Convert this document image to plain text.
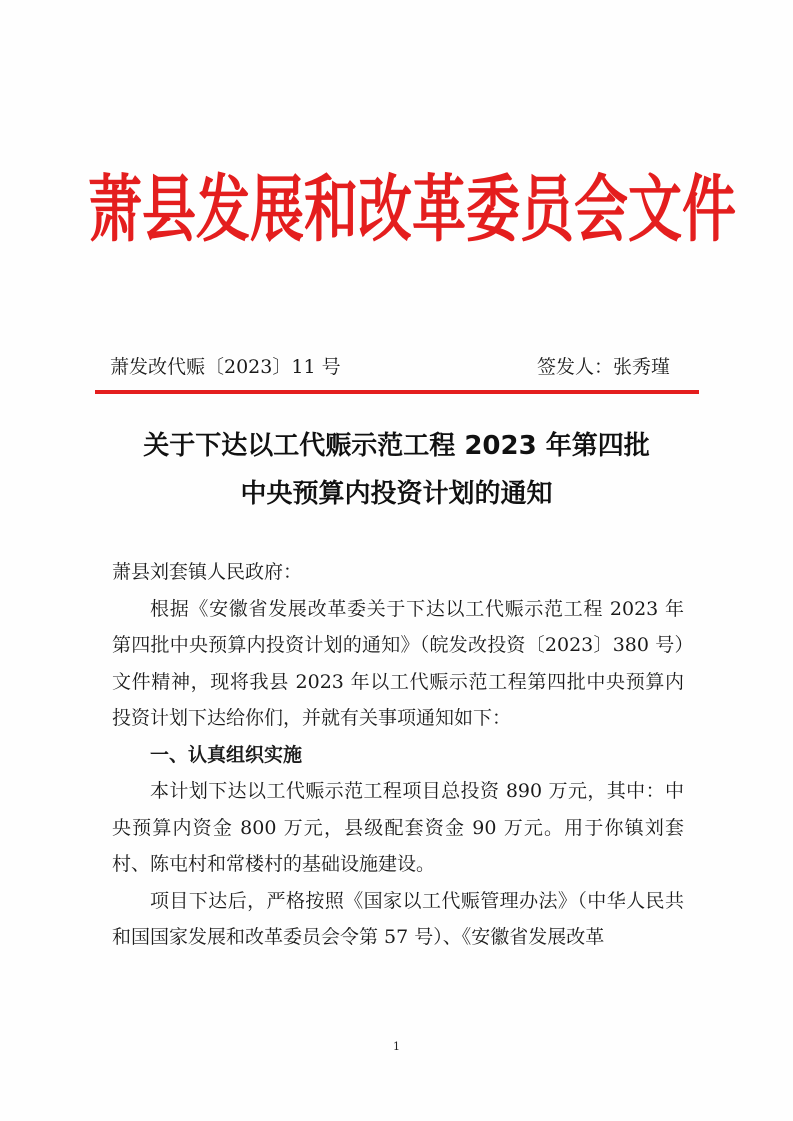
萧 县 发 展 和 改 革 委 员 会 文 件
萧发改代赈〔2023〕11 号	签发人：张秀瑾
关于下达以工代赈示范工程 2023 年第四批
中央预算内投资计划的通知

萧县刘套镇人民政府：

根据《安徽省发展改革委关于下达以工代赈示范工程 2023 年第四批中央预算内投资计划的通知》（皖发改投资〔2023〕380 号）文件精神，现将我县 2023 年以工代赈示范工程第四批中央预算内投资计划下达给你们，并就有关事项通知如下：

一、认真组织实施

本计划下达以工代赈示范工程项目总投资 890 万元，其中：中央预算内资金 800 万元，县级配套资金 90 万元。用于你镇刘套村、陈屯村和常楼村的基础设施建设。

项目下达后，严格按照《国家以工代赈管理办法》（中华人民共和国国家发展和改革委员会令第 57 号）、《安徽省发展改革

1
